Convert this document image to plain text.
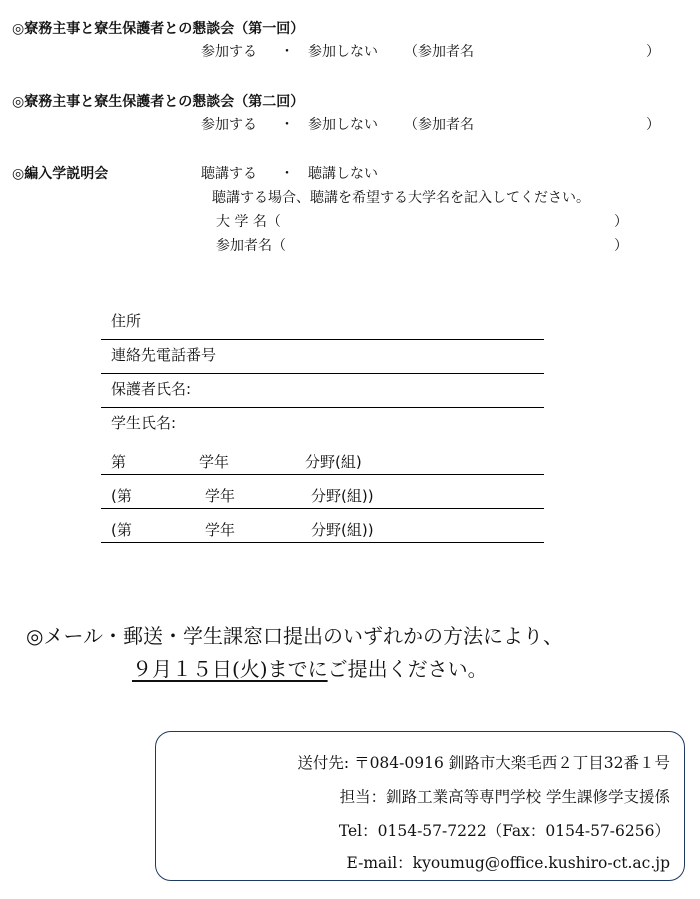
◎寮務主事と寮生保護者との懇談会（第一回）
参加する ・ 参加しない （参加者名	）
◎寮務主事と寮生保護者との懇談会（第二回）
参加する ・ 参加しない （参加者名	）
◎編入学説明会	聴講する ・ 聴講しない
聴講する場合、聴講を希望する大学名を記入してください。
大 学 名（	）
参加者名（	）
住所
連絡先電話番号
保護者氏名:
学生氏名:
第	学年	分野(組)
(第	学年	分野(組))
(第	学年	分野(組))
◎メール・郵送・学生課窓口提出のいずれかの方法により、
９月１５日(火)までにご提出ください。
送付先: 〒084-0916 釧路市大楽毛西２丁目32番１号
担当：釧路工業高等専門学校 学生課修学支援係
Tel：0154-57-7222（Fax：0154-57-6256）
E-mail：kyoumug@office.kushiro-ct.ac.jp
